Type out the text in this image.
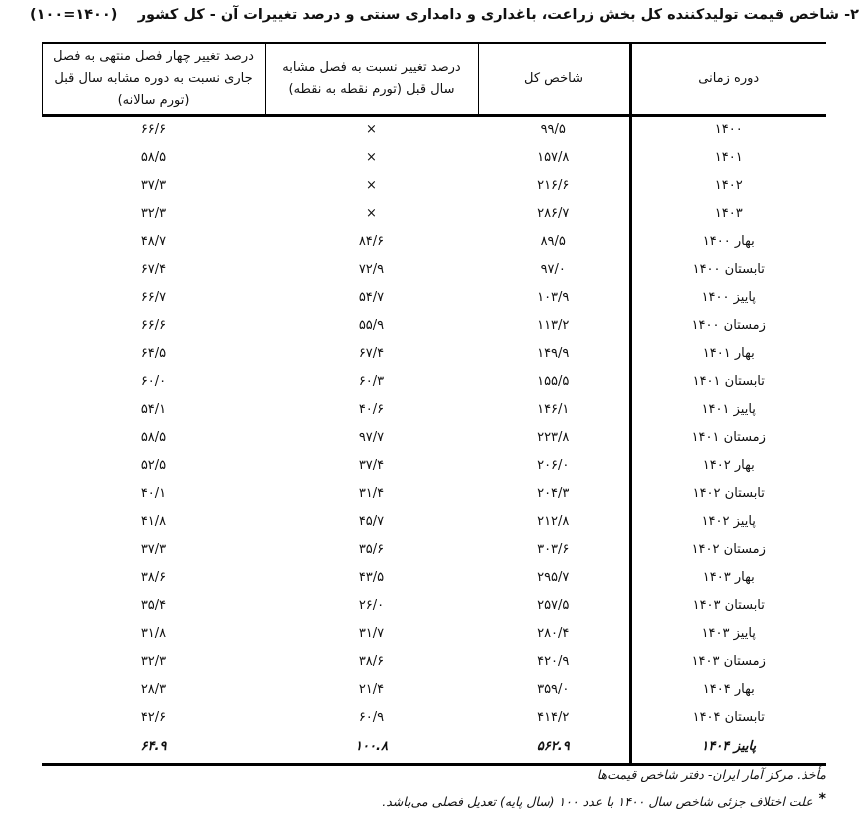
۲- شاخص قیمت تولیدکننده کل بخش زراعت، باغداری و دامداری سنتی و درصد تغییرات آن - کل کشور
(۱۴۰۰=۱۰۰)
دوره زمانی	شاخص کل	درصد تغییر نسبت به فصل مشابه سال قبل (تورم نقطه به نقطه)	درصد تغییر چهار فصل منتهی به فصل جاری نسبت به دوره مشابه سال قبل (تورم سالانه)
۱۴۰۰	۹۹/۵	×	۶۶/۶
۱۴۰۱	۱۵۷/۸	×	۵۸/۵
۱۴۰۲	۲۱۶/۶	×	۳۷/۳
۱۴۰۳	۲۸۶/۷	×	۳۲/۳
بهار ۱۴۰۰	۸۹/۵	۸۴/۶	۴۸/۷
تابستان ۱۴۰۰	۹۷/۰	۷۲/۹	۶۷/۴
پاییز ۱۴۰۰	۱۰۳/۹	۵۴/۷	۶۶/۷
زمستان ۱۴۰۰	۱۱۳/۲	۵۵/۹	۶۶/۶
بهار ۱۴۰۱	۱۴۹/۹	۶۷/۴	۶۴/۵
تابستان ۱۴۰۱	۱۵۵/۵	۶۰/۳	۶۰/۰
پاییز ۱۴۰۱	۱۴۶/۱	۴۰/۶	۵۴/۱
زمستان ۱۴۰۱	۲۲۳/۸	۹۷/۷	۵۸/۵
بهار ۱۴۰۲	۲۰۶/۰	۳۷/۴	۵۲/۵
تابستان ۱۴۰۲	۲۰۴/۳	۳۱/۴	۴۰/۱
پاییز ۱۴۰۲	۲۱۲/۸	۴۵/۷	۴۱/۸
زمستان ۱۴۰۲	۳۰۳/۶	۳۵/۶	۳۷/۳
بهار ۱۴۰۳	۲۹۵/۷	۴۳/۵	۳۸/۶
تابستان ۱۴۰۳	۲۵۷/۵	۲۶/۰	۳۵/۴
پاییز ۱۴۰۳	۲۸۰/۴	۳۱/۷	۳۱/۸
زمستان ۱۴۰۳	۴۲۰/۹	۳۸/۶	۳۲/۳
بهار ۱۴۰۴	۳۵۹/۰	۲۱/۴	۲۸/۳
تابستان ۱۴۰۴	۴۱۴/۲	۶۰/۹	۴۲/۶
پاییز ۱۴۰۴	۵۶۲.۹	۱۰۰.۸	۶۴.۹
مأخذ. مرکز آمار ایران- دفتر شاخص قیمت‌ها
* علت اختلاف جزئی شاخص سال ۱۴۰۰ با عدد ۱۰۰ (سال پایه) تعدیل فصلی می‌باشد.
